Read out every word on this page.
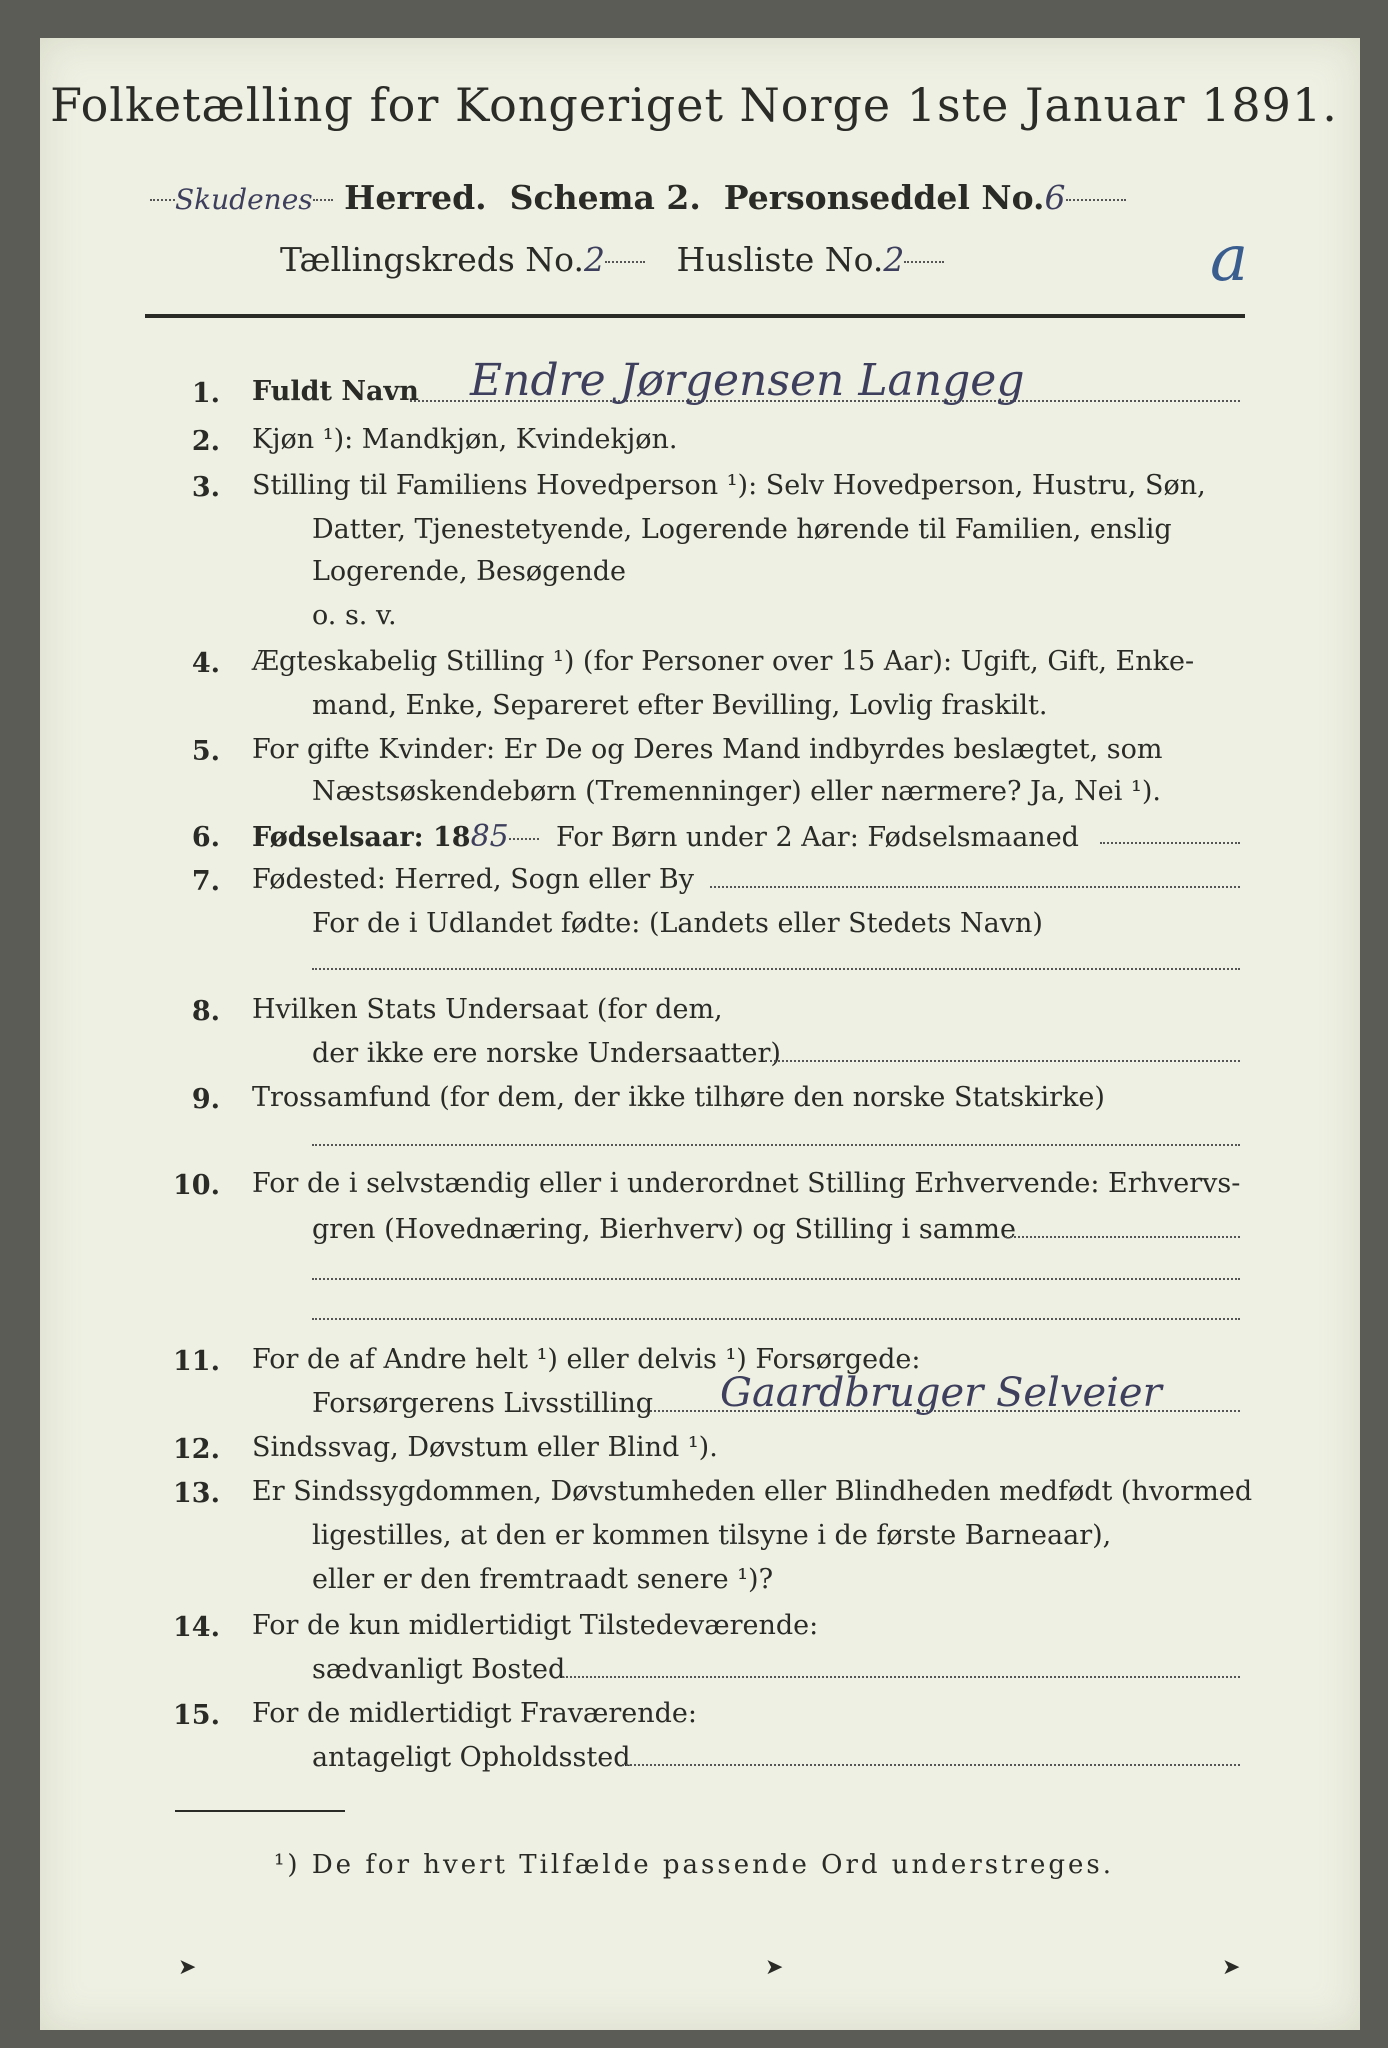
Folketælling for Kongeriget Norge 1ste Januar 1891.
Skudenes Herred. Schema 2. Personseddel No.6
Tællingskreds No.2 Husliste No.2	a
1. Fuldt Navn Endre Jørgensen Langeg
2. Kjøn ¹): Mandkjøn, Kvindekjøn.
3. Stilling til Familiens Hovedperson ¹): Selv Hovedperson, Hustru, Søn,
Datter, Tjenestetyende, Logerende hørende til Familien, enslig
Logerende, Besøgende
o. s. v.
4. Ægteskabelig Stilling ¹) (for Personer over 15 Aar): Ugift, Gift, Enke-
mand, Enke, Separeret efter Bevilling, Lovlig fraskilt.
5. For gifte Kvinder: Er De og Deres Mand indbyrdes beslægtet, som
Næstsøskendebørn (Tremenninger) eller nærmere? Ja, Nei ¹).
6. Fødselsaar: 1885 For Børn under 2 Aar: Fødselsmaaned
7. Fødested: Herred, Sogn eller By
For de i Udlandet fødte: (Landets eller Stedets Navn)
8. Hvilken Stats Undersaat (for dem,
der ikke ere norske Undersaatter)
9. Trossamfund (for dem, der ikke tilhøre den norske Statskirke)
10. For de i selvstændig eller i underordnet Stilling Erhvervende: Erhvervs-
gren (Hovednæring, Bierhverv) og Stilling i samme
11. For de af Andre helt ¹) eller delvis ¹) Forsørgede:
Forsørgerens Livsstilling Gaardbruger Selveier
12. Sindssvag, Døvstum eller Blind ¹).
13. Er Sindssygdommen, Døvstumheden eller Blindheden medfødt (hvormed
ligestilles, at den er kommen tilsyne i de første Barneaar),
eller er den fremtraadt senere ¹)?
14. For de kun midlertidigt Tilstedeværende:
sædvanligt Bosted
15. For de midlertidigt Fraværende:
antageligt Opholdssted
¹) De for hvert Tilfælde passende Ord understreges.
➤	➤	➤
